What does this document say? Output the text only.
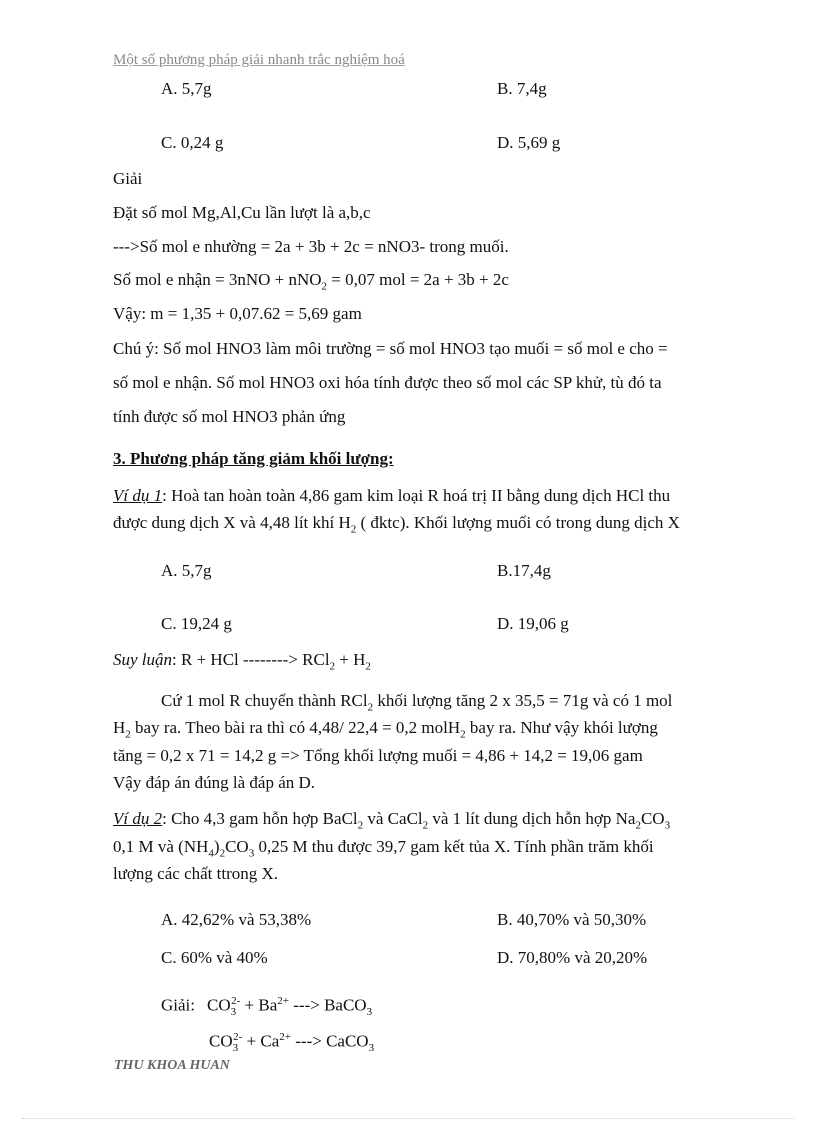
Một số phương pháp giải nhanh trắc nghiệm hoá
A. 5,7g	B. 7,4g
C. 0,24 g	D. 5,69 g
Giải
Đặt số mol Mg,Al,Cu lần lượt là a,b,c
--->Số mol e nhường = 2a + 3b + 2c = nNO3- trong muối.
Số mol e nhận = 3nNO + nNO$_2$ = 0,07 mol = 2a + 3b + 2c
Vậy: m = 1,35 + 0,07.62 = 5,69 gam
Chú ý: Số mol HNO3 làm môi trường = số mol HNO3 tạo muối = số mol e cho =
số mol e nhận. Số mol HNO3 oxi hóa tính được theo số mol các SP khử, tù đó ta
tính được số mol HNO3 phản ứng
3. Phương pháp tăng giảm khối lượng:
Ví dụ 1: Hoà tan hoàn toàn 4,86 gam kim loại R hoá trị II bằng dung dịch HCl thu
được dung dịch X và 4,48 lít khí $H_2$ ( đktc). Khối lượng muối có trong dung dịch X
A. 5,7g	B.17,4g
C. 19,24 g	D. 19,06 g
Suy luận: R + HCl --------> $RCl_2 + H_2$
Cứ 1 mol R chuyển thành RCl$_2$ khối lượng tăng 2 x 35,5 = 71g và có 1 mol
$H_2$ bay ra. Theo bài ra thì có 4,48/ 22,4 = 0,2 molH$_2$ bay ra. Như vậy khói lượng
tăng = 0,2 x 71 = 14,2 g => Tổng khối lượng muối = 4,86 + 14,2 = 19,06 gam
Vậy đáp án đúng là đáp án D.
Ví dụ 2: Cho 4,3 gam hỗn hợp BaCl$_2$ và CaCl$_2$ và 1 lít dung dịch hỗn hợp $Na_2CO_3$
0,1 M và $(NH_4)_2CO_3$ 0,25 M thu được 39,7 gam kết tủa X. Tính phần trăm khối
lượng các chất ttrong X.
A. 42,62% và 53,38%	B. 40,70% và 50,30%
C. 60% và 40%	D. 70,80% và 20,20%
Giải: $CO_3^{2-} + Ba^{2+}$ ---> BaCO$_3$
$CO_3^{2-} + Ca^{2+}$ ---> CaCO$_3$
THU KHOA HUAN
